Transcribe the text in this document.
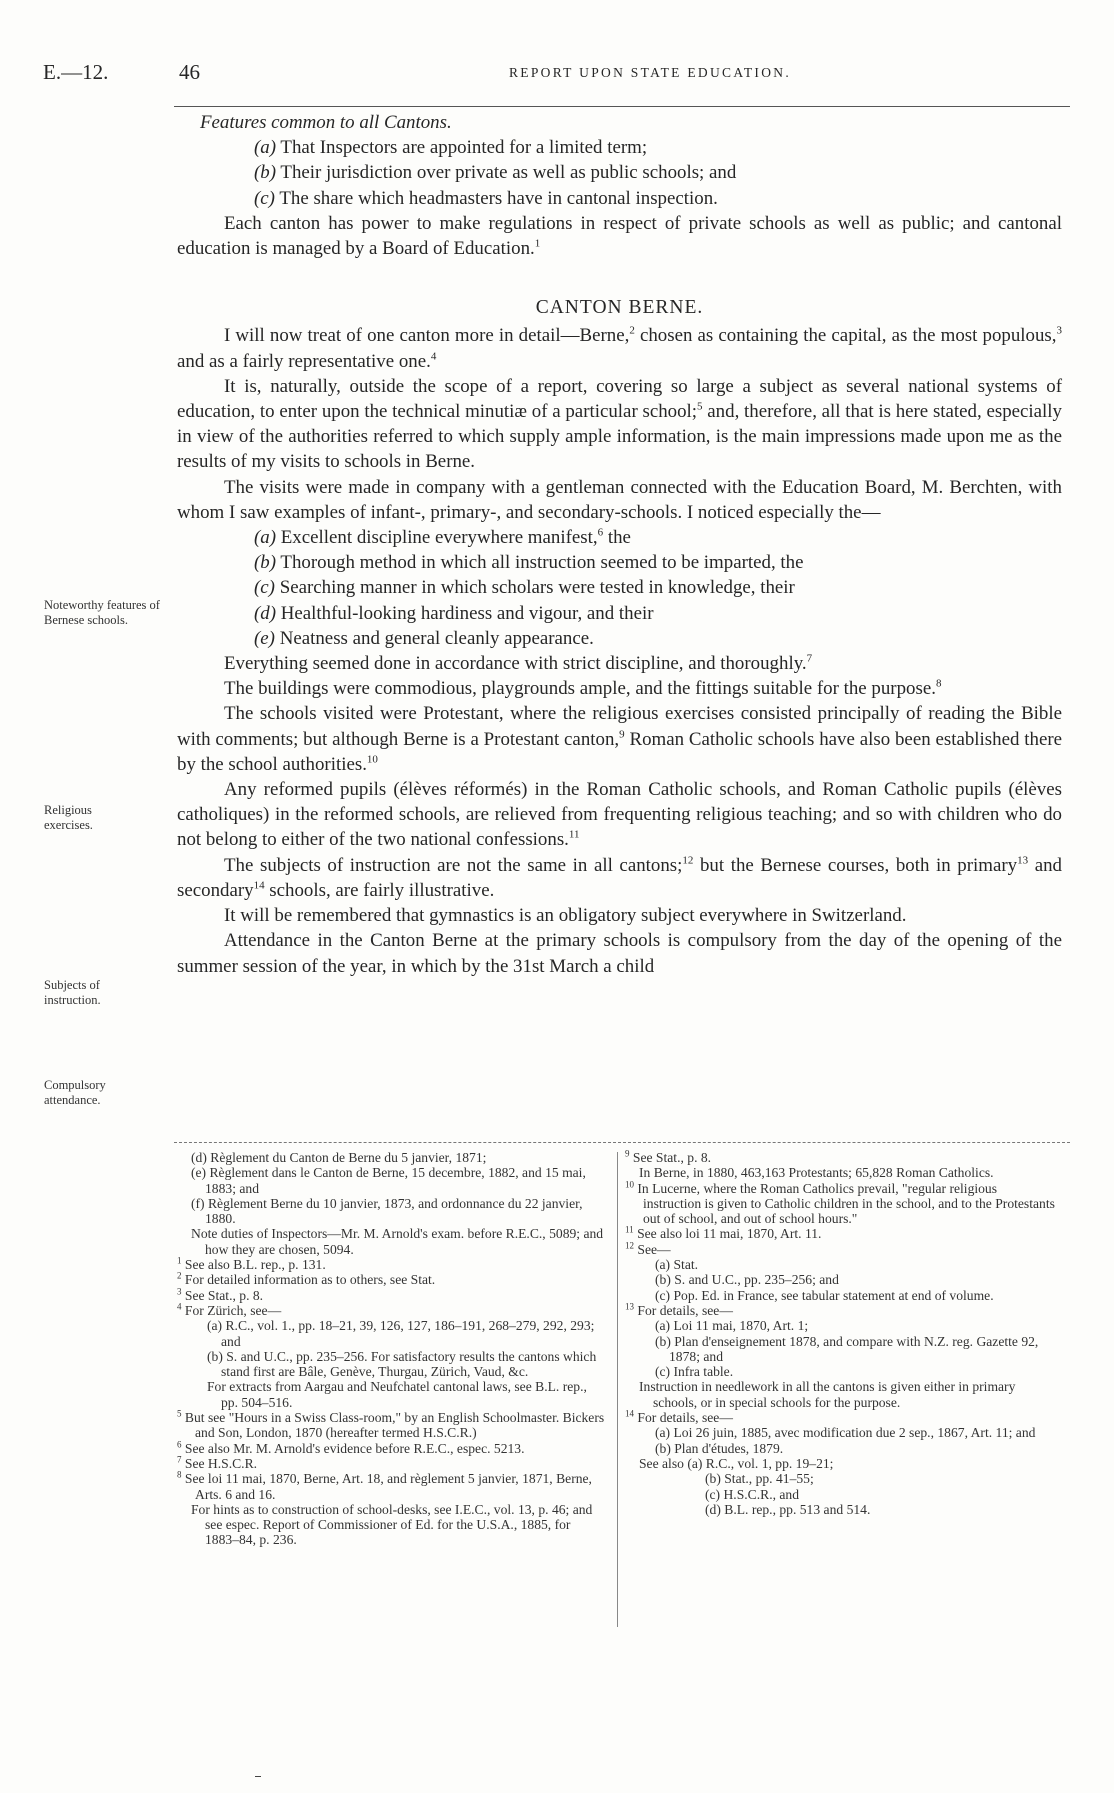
E.—12.	46	REPORT UPON STATE EDUCATION.

Features common to all Cantons.

(a) That Inspectors are appointed for a limited term;

(b) Their jurisdiction over private as well as public schools; and

(c) The share which headmasters have in cantonal inspection.

Each canton has power to make regulations in respect of private schools as well as public; and cantonal education is managed by a Board of Education.$^1$

CANTON BERNE.

I will now treat of one canton more in detail—Berne,$^2$ chosen as containing the capital, as the most populous,$^3$ and as a fairly representative one.$^4$

It is, naturally, outside the scope of a report, covering so large a subject as several national systems of education, to enter upon the technical minutiæ of a particular school;$^5$ and, therefore, all that is here stated, especially in view of the authorities referred to which supply ample information, is the main impressions made upon me as the results of my visits to schools in Berne.

The visits were made in company with a gentleman connected with the Education Board, M. Berchten, with whom I saw examples of infant-, primary-, and secondary-schools. I noticed especially the—

(a) Excellent discipline everywhere manifest,$^6$ the

(b) Thorough method in which all instruction seemed to be imparted, the

(c) Searching manner in which scholars were tested in knowledge, their

(d) Healthful-looking hardiness and vigour, and their

(e) Neatness and general cleanly appearance.

Everything seemed done in accordance with strict discipline, and thoroughly.$^7$

The buildings were commodious, playgrounds ample, and the fittings suitable for the purpose.$^8$

The schools visited were Protestant, where the religious exercises consisted principally of reading the Bible with comments; but although Berne is a Protestant canton,$^9$ Roman Catholic schools have also been established there by the school authorities.$^{10}$

Any reformed pupils (élèves réformés) in the Roman Catholic schools, and Roman Catholic pupils (élèves catholiques) in the reformed schools, are relieved from frequenting religious teaching; and so with children who do not belong to either of the two national confessions.$^{11}$

The subjects of instruction are not the same in all cantons;$^{12}$ but the Bernese courses, both in primary$^{13}$ and secondary$^{14}$ schools, are fairly illustrative.

It will be remembered that gymnastics is an obligatory subject everywhere in Switzerland.

Attendance in the Canton Berne at the primary schools is compulsory from the day of the opening of the summer session of the year, in which by the 31st March a child

Noteworthy features of Bernese schools.
Religious exercises.
Subjects of instruction.
Compulsory attendance.

(d) Règlement du Canton de Berne du 5 janvier, 1871;

(e) Règlement dans le Canton de Berne, 15 decembre, 1882, and 15 mai, 1883; and

(f) Règlement Berne du 10 janvier, 1873, and ordonnance du 22 janvier, 1880.

Note duties of Inspectors—Mr. M. Arnold's exam. before R.E.C., 5089; and how they are chosen, 5094.

$^1$ See also B.L. rep., p. 131.

$^2$ For detailed information as to others, see Stat.

$^3$ See Stat., p. 8.

$^4$ For Zürich, see—

(a) R.C., vol. 1., pp. 18–21, 39, 126, 127, 186–191, 268–279, 292, 293; and

(b) S. and U.C., pp. 235–256. For satisfactory results the cantons which stand first are Bâle, Genève, Thurgau, Zürich, Vaud, &c.

For extracts from Aargau and Neufchatel cantonal laws, see B.L. rep., pp. 504–516.

$^5$ But see "Hours in a Swiss Class-room," by an English Schoolmaster. Bickers and Son, London, 1870 (hereafter termed H.S.C.R.)

$^6$ See also Mr. M. Arnold's evidence before R.E.C., espec. 5213.

$^7$ See H.S.C.R.

$^8$ See loi 11 mai, 1870, Berne, Art. 18, and règlement 5 janvier, 1871, Berne, Arts. 6 and 16.

For hints as to construction of school-desks, see I.E.C., vol. 13, p. 46; and see espec. Report of Commissioner of Ed. for the U.S.A., 1885, for 1883–84, p. 236.

$^9$ See Stat., p. 8.

In Berne, in 1880, 463,163 Protestants; 65,828 Roman Catholics.

$^{10}$ In Lucerne, where the Roman Catholics prevail, "regular religious instruction is given to Catholic children in the school, and to the Protestants out of school, and out of school hours."

$^{11}$ See also loi 11 mai, 1870, Art. 11.

$^{12}$ See—

(a) Stat.

(b) S. and U.C., pp. 235–256; and

(c) Pop. Ed. in France, see tabular statement at end of volume.

$^{13}$ For details, see—

(a) Loi 11 mai, 1870, Art. 1;

(b) Plan d'enseignement 1878, and compare with N.Z. reg. Gazette 92, 1878; and

(c) Infra table.

Instruction in needlework in all the cantons is given either in primary schools, or in special schools for the purpose.

$^{14}$ For details, see—

(a) Loi 26 juin, 1885, avec modification due 2 sep., 1867, Art. 11; and

(b) Plan d'études, 1879.

See also (a) R.C., vol. 1, pp. 19–21;

(b) Stat., pp. 41–55;

(c) H.S.C.R., and

(d) B.L. rep., pp. 513 and 514.
